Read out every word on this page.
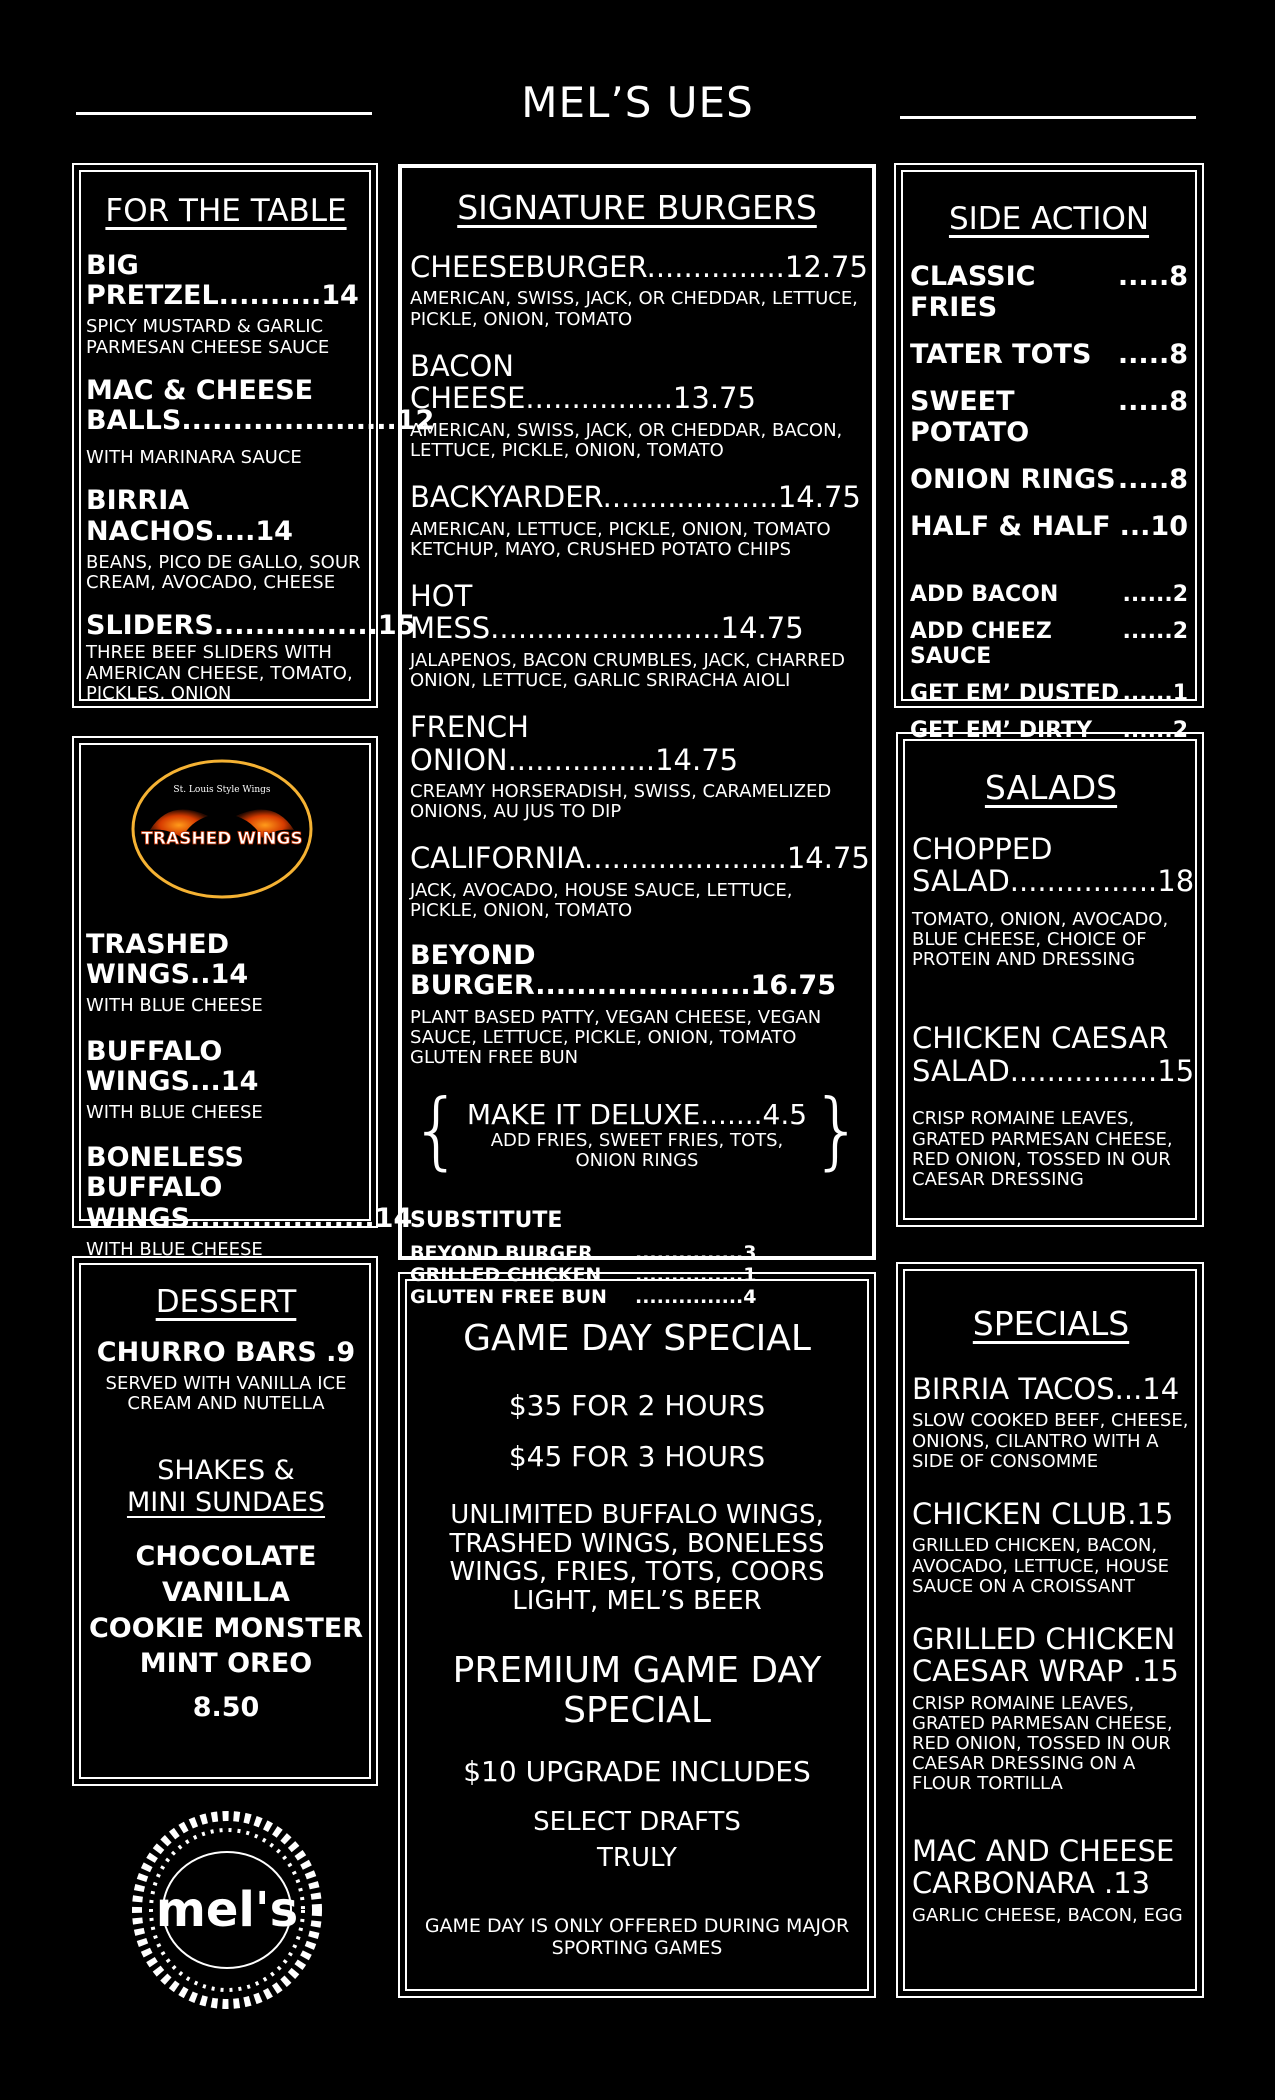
MEL’S UES
FOR THE TABLE
BIG PRETZEL..........14
SPICY MUSTARD & GARLIC PARMESAN CHEESE SAUCE
MAC & CHEESE BALLS.....................12
WITH MARINARA SAUCE
BIRRIA NACHOS....14
BEANS, PICO DE GALLO, SOUR CREAM, AVOCADO, CHEESE
SLIDERS................15
THREE BEEF SLIDERS WITH AMERICAN CHEESE, TOMATO, PICKLES, ONION
TRASHED WINGS..14
WITH BLUE CHEESE
BUFFALO WINGS...14
WITH BLUE CHEESE
BONELESS BUFFALO WINGS..................14
WITH BLUE CHEESE
St. Louis Style Wings
TRASHED WINGS
DESSERT
CHURRO BARS .9
SERVED WITH VANILLA ICE CREAM AND NUTELLA
SHAKES &
MINI SUNDAES
CHOCOLATE
VANILLA
COOKIE MONSTER
MINT OREO
8.50
mel's
SIGNATURE BURGERS
CHEESEBURGER...............12.75
AMERICAN, SWISS, JACK, OR CHEDDAR, LETTUCE, PICKLE, ONION, TOMATO
BACON CHEESE................13.75
AMERICAN, SWISS, JACK, OR CHEDDAR, BACON, LETTUCE, PICKLE, ONION, TOMATO
BACKYARDER...................14.75
AMERICAN, LETTUCE, PICKLE, ONION, TOMATO KETCHUP, MAYO, CRUSHED POTATO CHIPS
HOT MESS.........................14.75
JALAPENOS, BACON CRUMBLES, JACK, CHARRED ONION, LETTUCE, GARLIC SRIRACHA AIOLI
FRENCH ONION................14.75
CREAMY HORSERADISH, SWISS, CARAMELIZED ONIONS, AU JUS TO DIP
CALIFORNIA......................14.75
JACK, AVOCADO, HOUSE SAUCE, LETTUCE, PICKLE, ONION, TOMATO
BEYOND BURGER.....................16.75
PLANT BASED PATTY, VEGAN CHEESE, VEGAN SAUCE, LETTUCE, PICKLE, ONION, TOMATO GLUTEN FREE BUN
{	}
MAKE IT DELUXE.......4.5
ADD FRIES, SWEET FRIES, TOTS, ONION RINGS
SUBSTITUTE
BEYOND BURGER	...............3
GRILLED CHICKEN	...............1
GLUTEN FREE BUN	...............4
GAME DAY SPECIAL
$35 FOR 2 HOURS
$45 FOR 3 HOURS
UNLIMITED BUFFALO WINGS, TRASHED WINGS, BONELESS WINGS, FRIES, TOTS, COORS LIGHT, MEL’S BEER
PREMIUM GAME DAY SPECIAL
$10 UPGRADE INCLUDES
SELECT DRAFTS
TRULY
GAME DAY IS ONLY OFFERED DURING MAJOR SPORTING GAMES
SIDE ACTION
CLASSIC FRIES
.....8
TATER TOTS .....8
SWEET POTATO
.....8
ONION RINGS .....8
HALF & HALF ...10
ADD BACON	......2
ADD CHEEZ SAUCE
......2
GET EM’ DUSTED ......1
GET EM’ DIRTY ......2
SALADS
CHOPPED SALAD................18
TOMATO, ONION, AVOCADO, BLUE CHEESE, CHOICE OF PROTEIN AND DRESSING
CHICKEN CAESAR SALAD................15
CRISP ROMAINE LEAVES, GRATED PARMESAN CHEESE, RED ONION, TOSSED IN OUR CAESAR DRESSING
SPECIALS
BIRRIA TACOS...14
SLOW COOKED BEEF, CHEESE, ONIONS, CILANTRO WITH A SIDE OF CONSOMME
CHICKEN CLUB.15
GRILLED CHICKEN, BACON, AVOCADO, LETTUCE, HOUSE SAUCE ON A CROISSANT
GRILLED CHICKEN CAESAR WRAP .15
CRISP ROMAINE LEAVES, GRATED PARMESAN CHEESE, RED ONION, TOSSED IN OUR CAESAR DRESSING ON A FLOUR TORTILLA
MAC AND CHEESE CARBONARA .13
GARLIC CHEESE, BACON, EGG
